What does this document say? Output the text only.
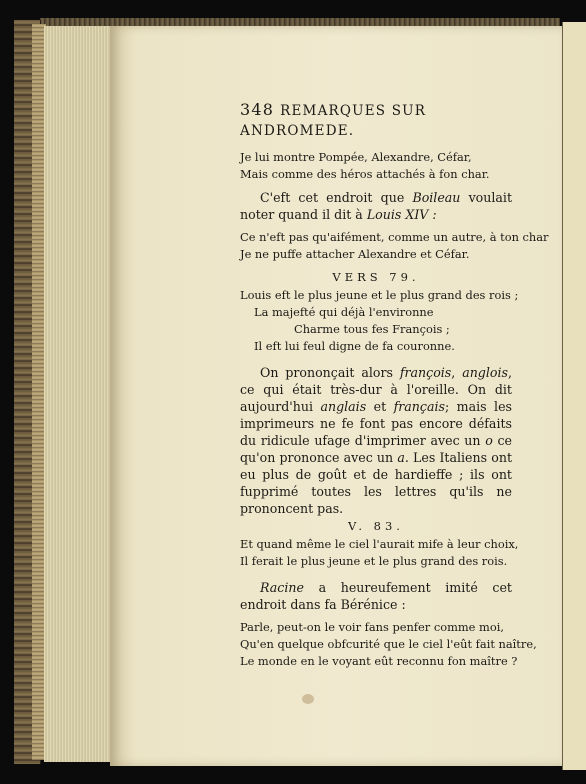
348 REMARQUES SUR ANDROMEDE.
Je lui montre Pompée, Alexandre, Céfar,
Mais comme des héros attachés à fon char.
C'eft cet endroit que Boileau voulait noter quand il dit à Louis XIV :
Ce n'eft pas qu'aifément, comme un autre, à ton char
Je ne puffe attacher Alexandre et Céfar.
VERS 79.
Louis eft le plus jeune et le plus grand des rois ;
La majefté qui déjà l'environne
Charme tous fes François ;
Il eft lui feul digne de fa couronne.
On prononçait alors françois, anglois, ce qui était très-dur à l'oreille. On dit aujourd'hui anglais et français; mais les imprimeurs ne fe font pas encore défaits du ridicule ufage d'imprimer avec un o ce qu'on prononce avec un a. Les Italiens ont eu plus de goût et de hardieffe ; ils ont fupprimé toutes les lettres qu'ils ne prononcent pas.
V. 83.
Et quand même le ciel l'aurait mife à leur choix,
Il ferait le plus jeune et le plus grand des rois.
Racine a heureufement imité cet endroit dans fa Bérénice :
Parle, peut-on le voir fans penfer comme moi,
Qu'en quelque obfcurité que le ciel l'eût fait naître,
Le monde en le voyant eût reconnu fon maître ?
